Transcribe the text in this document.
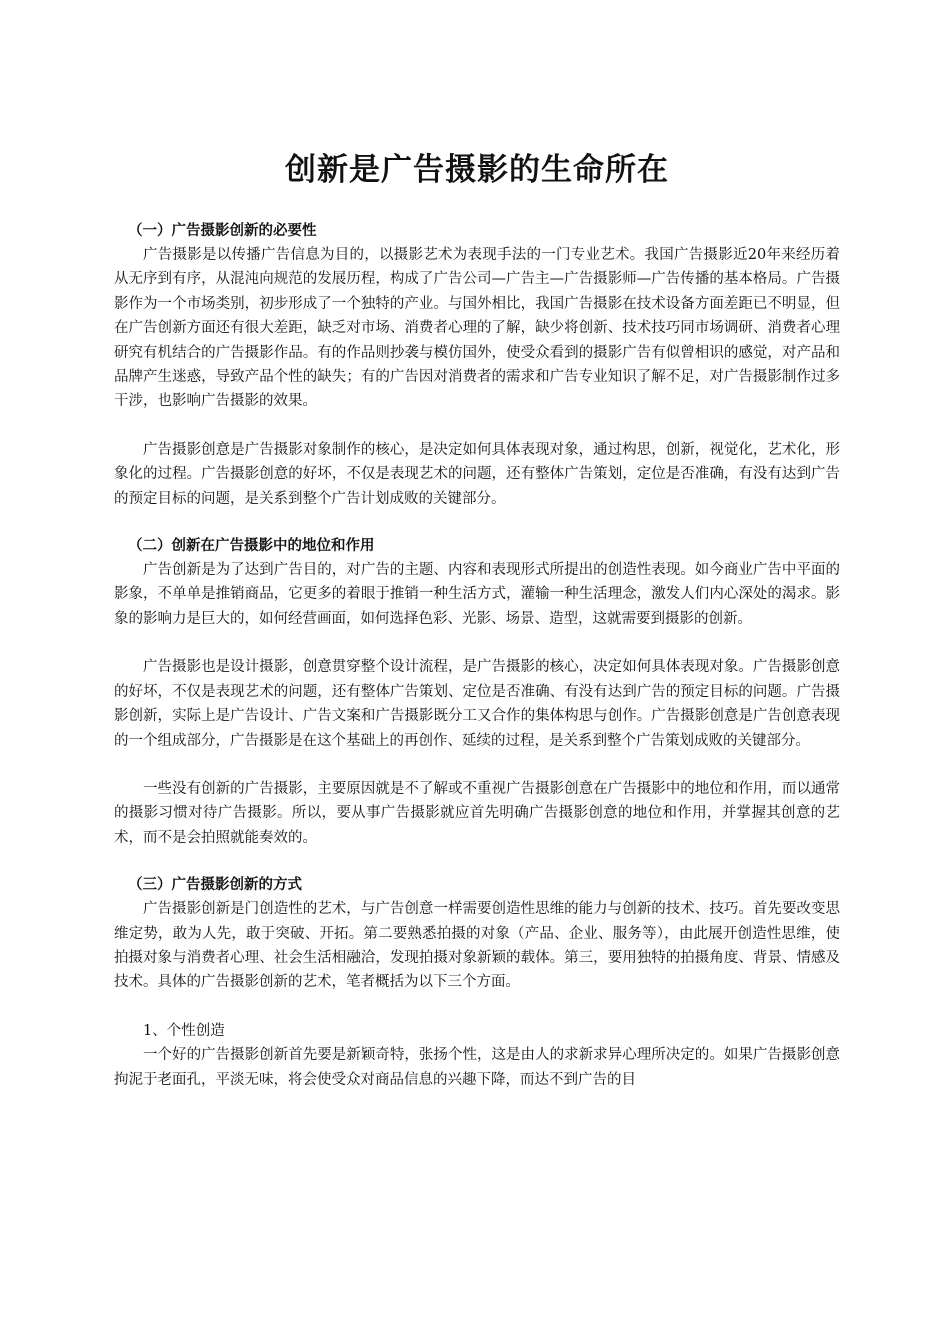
创新是广告摄影的生命所在
（一）广告摄影创新的必要性

广告摄影是以传播广告信息为目的，以摄影艺术为表现手法的一门专业艺术。我国广告摄影近20年来经历着从无序到有序，从混沌向规范的发展历程，构成了广告公司—广告主—广告摄影师—广告传播的基本格局。广告摄影作为一个市场类别，初步形成了一个独特的产业。与国外相比，我国广告摄影在技术设备方面差距已不明显，但在广告创新方面还有很大差距，缺乏对市场、消费者心理的了解，缺少将创新、技术技巧同市场调研、消费者心理研究有机结合的广告摄影作品。有的作品则抄袭与模仿国外，使受众看到的摄影广告有似曾相识的感觉，对产品和品牌产生迷惑，导致产品个性的缺失；有的广告因对消费者的需求和广告专业知识了解不足，对广告摄影制作过多干涉，也影响广告摄影的效果。

广告摄影创意是广告摄影对象制作的核心，是决定如何具体表现对象，通过构思，创新，视觉化，艺术化，形象化的过程。广告摄影创意的好坏，不仅是表现艺术的问题，还有整体广告策划，定位是否准确，有没有达到广告的预定目标的问题，是关系到整个广告计划成败的关键部分。

（二）创新在广告摄影中的地位和作用

广告创新是为了达到广告目的，对广告的主题、内容和表现形式所提出的创造性表现。如今商业广告中平面的影象，不单单是推销商品，它更多的着眼于推销一种生活方式，灌输一种生活理念，激发人们内心深处的渴求。影象的影响力是巨大的，如何经营画面，如何选择色彩、光影、场景、造型，这就需要到摄影的创新。

广告摄影也是设计摄影，创意贯穿整个设计流程，是广告摄影的核心，决定如何具体表现对象。广告摄影创意的好坏，不仅是表现艺术的问题，还有整体广告策划、定位是否准确、有没有达到广告的预定目标的问题。广告摄影创新，实际上是广告设计、广告文案和广告摄影既分工又合作的集体构思与创作。广告摄影创意是广告创意表现的一个组成部分，广告摄影是在这个基础上的再创作、延续的过程，是关系到整个广告策划成败的关键部分。

一些没有创新的广告摄影，主要原因就是不了解或不重视广告摄影创意在广告摄影中的地位和作用，而以通常的摄影习惯对待广告摄影。所以，要从事广告摄影就应首先明确广告摄影创意的地位和作用，并掌握其创意的艺术，而不是会拍照就能奏效的。

（三）广告摄影创新的方式

广告摄影创新是门创造性的艺术，与广告创意一样需要创造性思维的能力与创新的技术、技巧。首先要改变思维定势，敢为人先，敢于突破、开拓。第二要熟悉拍摄的对象（产品、企业、服务等），由此展开创造性思维，使拍摄对象与消费者心理、社会生活相融洽，发现拍摄对象新颖的载体。第三，要用独特的拍摄角度、背景、情感及技术。具体的广告摄影创新的艺术，笔者概括为以下三个方面。

1、个性创造

一个好的广告摄影创新首先要是新颖奇特，张扬个性，这是由人的求新求异心理所决定的。如果广告摄影创意拘泥于老面孔，平淡无味，将会使受众对商品信息的兴趣下降，而达不到广告的目
